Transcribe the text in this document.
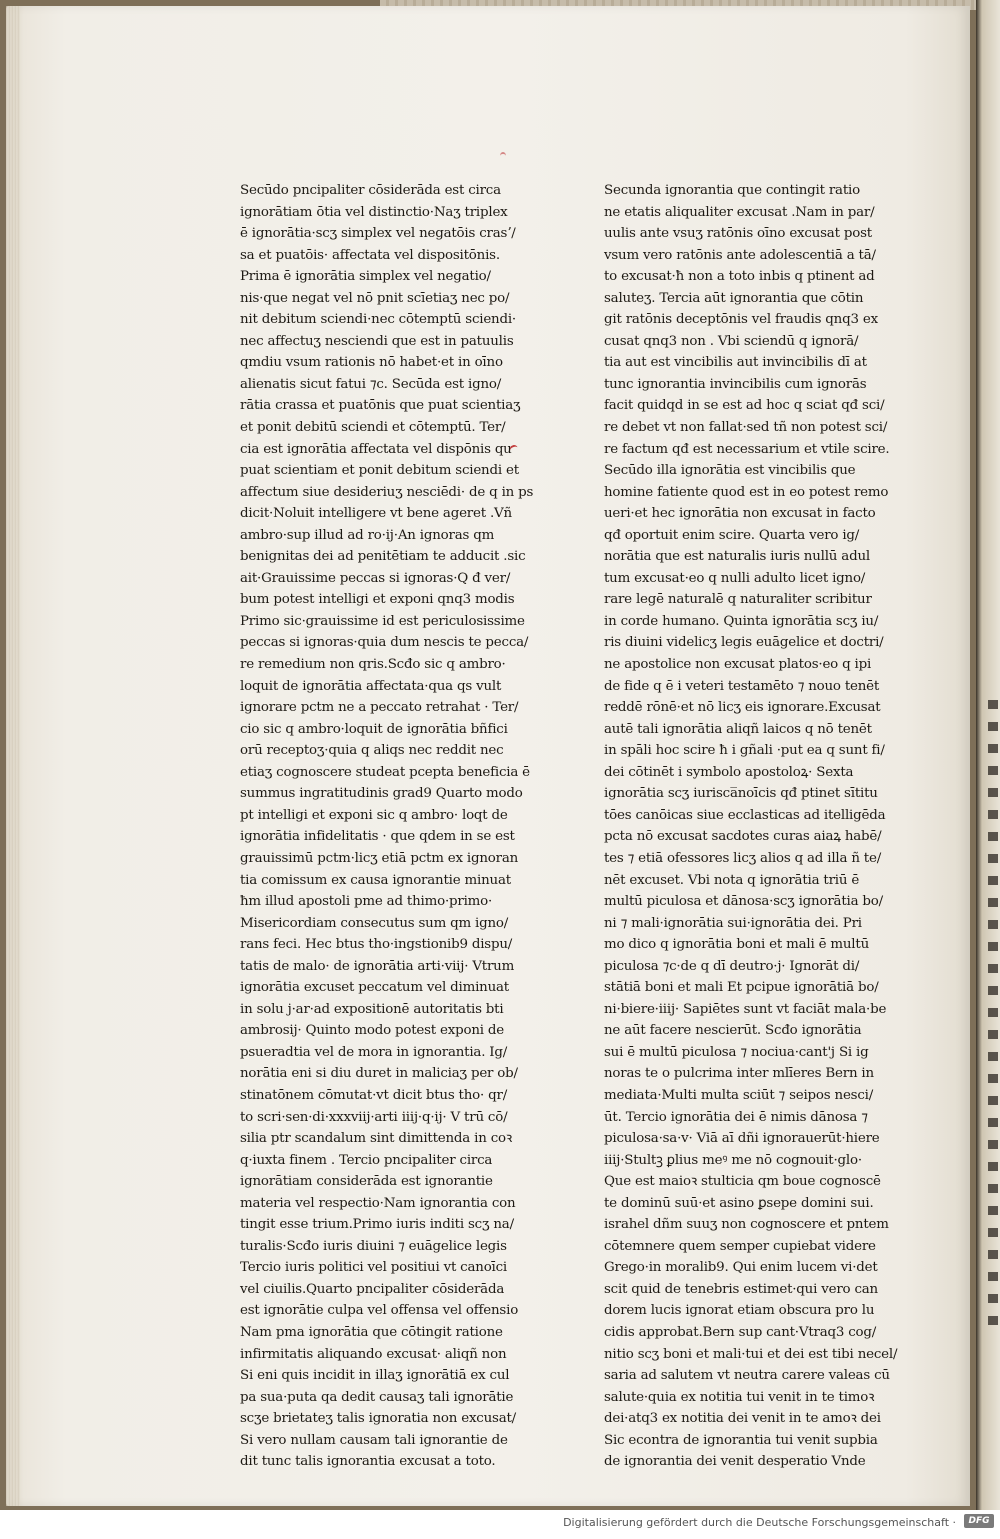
Secūdo pncipaliter cōsiderāda est circa
ignorātiam ōtia vel distinctio·Naʒ triplex
ē ignorātia·scʒ simplex vel negatōis crasʼ/
sa et puatōis· affectata vel dispositōnis.
Prima ē ignorātia simplex vel negatio/
nis·que negat vel nō pnit scīetiaʒ nec po/
nit debitum sciendi·nec cōtemptū sciendi·
nec affectuʒ nesciendi que est in patuulis
qmdiu vsum rationis nō habet·et in oīno
alienatis sicut fatui ⁊c. Secūda est igno/
rātia crassa et puatōnis que puat scientiaʒ
et ponit debitū sciendi et cōtemptū. Ter/
cia est ignorātia affectata vel dispōnis qu
puat scientiam et ponit debitum sciendi et
affectum siue desideriuʒ nesciēdi· de q in ps
dicit·Noluit intelligere vt bene ageret .Vñ
ambro·sup illud ad ro·ij·An ignoras qm
benignitas dei ad penitētiam te adducit .sic
ait·Grauissime peccas si ignoras·Q đ ver/
bum potest intelligi et exponi qnq3 modis
Primo sic·grauissime id est periculosissime
peccas si ignoras·quia dum nescis te pecca/
re remedium non qris.Scđo sic q ambro·
loquit de ignorātia affectata·qua qs vult
ignorare pctm ne a peccato retrahat · Ter/
cio sic q ambro·loquit de ignorātia bñfici
orū receptoʒ·quia q aliqs nec reddit nec
etiaʒ cognoscere studeat pcepta beneficia ē
summus ingratitudinis grad9 Quarto modo
pt intelligi et exponi sic q ambro· loqt de
ignorātia infidelitatis · que qdem in se est
grauissimū pctm·licʒ etiā pctm ex ignoran
tia comissum ex causa ignorantie minuat
ħm illud apostoli pme ad thimo·primo·
Misericordiam consecutus sum qm igno/
rans feci. Hec btus tho·ingstionib9 dispu/
tatis de malo· de ignorātia arti·viij· Vtrum
ignorātia excuset peccatum vel diminuat
in solu j·ar·ad expositionē autoritatis bti
ambrosij· Quinto modo potest exponi de
psueradtia vel de mora in ignorantia. Ig/
norātia eni si diu duret in maliciaʒ per ob/
stinatōnem cōmutat·vt dicit btus tho· qr/
to scri·sen·di·xxxviij·arti iiij·q·ij· V trū cō/
silia ptr scandalum sint dimittenda in coꝛ
q·iuxta finem . Tercio pncipaliter circa
ignorātiam considerāda est ignorantie
materia vel respectio·Nam ignorantia con
tingit esse trium.Primo iuris inditi scʒ na/
turalis·Scđo iuris diuini ⁊ euāgelice legis
Tercio iuris politici vel positiui vt canoīci
vel ciuilis.Quarto pncipaliter cōsiderāda
est ignorātie culpa vel offensa vel offensio
Nam pma ignorātia que cōtingit ratione
infirmitatis aliquando excusat· aliqñ non
Si eni quis incidit in illaʒ ignorātiā ex cul
pa sua·puta qa dedit causaʒ tali ignorātie
scʒe brietateʒ talis ignoratia non excusat/
Si vero nullam causam tali ignorantie de
dit tunc talis ignorantia excusat a toto.
Secunda ignorantia que contingit ratio
ne etatis aliqualiter excusat .Nam in par/
uulis ante vsuʒ ratōnis oīno excusat post
vsum vero ratōnis ante adolescentiā a tā/
to excusat·ħ non a toto inbis q ptinent ad
saluteʒ. Tercia aūt ignorantia que cōtin
git ratōnis deceptōnis vel fraudis qnq3 ex
cusat qnq3 non . Vbi sciendū q ignorā/
tia aut est vincibilis aut invincibilis dī at
tunc ignorantia invincibilis cum ignorās
facit quidqd in se est ad hoc q sciat qđ sci/
re debet vt non fallat·sed tñ non potest sci/
re factum qđ est necessarium et vtile scire.
Secūdo illa ignorātia est vincibilis que
homine fatiente quod est in eo potest remo
ueri·et hec ignorātia non excusat in facto
qđ oportuit enim scire. Quarta vero ig/
norātia que est naturalis iuris nullū adul
tum excusat·eo q nulli adulto licet igno/
rare legē naturalē q naturaliter scribitur
in corde humano. Quinta ignorātia scʒ iu/
ris diuini videlicʒ legis euāgelice et doctri/
ne apostolice non excusat platos·eo q ipi
de fide q ē i veteri testamēto ⁊ nouo tenēt
reddē rōnē·et nō licʒ eis ignorare.Excusat
autē tali ignorātia aliqñ laicos q nō tenēt
in spāli hoc scire ħ i gñali ·put ea q sunt fi/
dei cōtinēt i symbolo apostoloꝝ· Sexta
ignorātia scʒ iurisca̅noīcis qđ ptinet sītitu
tōes canōicas siue ecclasticas ad itelligēda
pcta nō excusat sacdotes curas aiaꝝ habē/
tes ⁊ etiā ofessores licʒ alios q ad illa ñ te/
nēt excuset. Vbi nota q ignorātia triū ē
multū piculosa et dānosa·scʒ ignorātia bo/
ni ⁊ mali·ignorātia sui·ignorātia dei. Pri
mo dico q ignorātia boni et mali ē multū
piculosa ⁊c·de q dī deutro·j· Ignorāt di/
stātiā boni et mali Et pcipue ignorātiā bo/
ni·biere·iiij· Sapiētes sunt vt faciāt mala·be
ne aūt facere nescierūt. Scđo ignorātia
sui ē multū piculosa ⁊ nociua·cant'j Si ig
noras te o pulcrima inter mlīeres Bern in
mediata·Multi multa sciūt ⁊ seipos nesci/
ūt. Tercio ignorātia dei ē nimis dānosa ⁊
piculosa·sa·v· Viā aī dñi ignorauerūt·hiere
iiij·Stultꝫ ꝑlius meꝰ me nō cognouit·glo·
Que est maioꝛ stulticia qm boue cognoscē
te dominū suū·et asino ꝑsepe domini sui.
israhel dñm suuʒ non cognoscere et pntem
cōtemnere quem semper cupiebat videre
Grego·in moralib9. Qui enim lucem vi·det
scit quid de tenebris estimet·qui vero can
dorem lucis ignorat etiam obscura pro lu
cidis approbat.Bern sup cant·Vtraq3 cog/
nitio scʒ boni et mali·tui et dei est tibi necel/
saria ad salutem vt neutra carere valeas cū
salute·quia ex notitia tui venit in te timoꝛ
dei·atq3 ex notitia dei venit in te amoꝛ dei
Sic econtra de ignorantia tui venit supbia
de ignorantia dei venit desperatio Vnde
Digitalisierung gefördert durch die Deutsche Forschungsgemeinschaft ·	DFG
